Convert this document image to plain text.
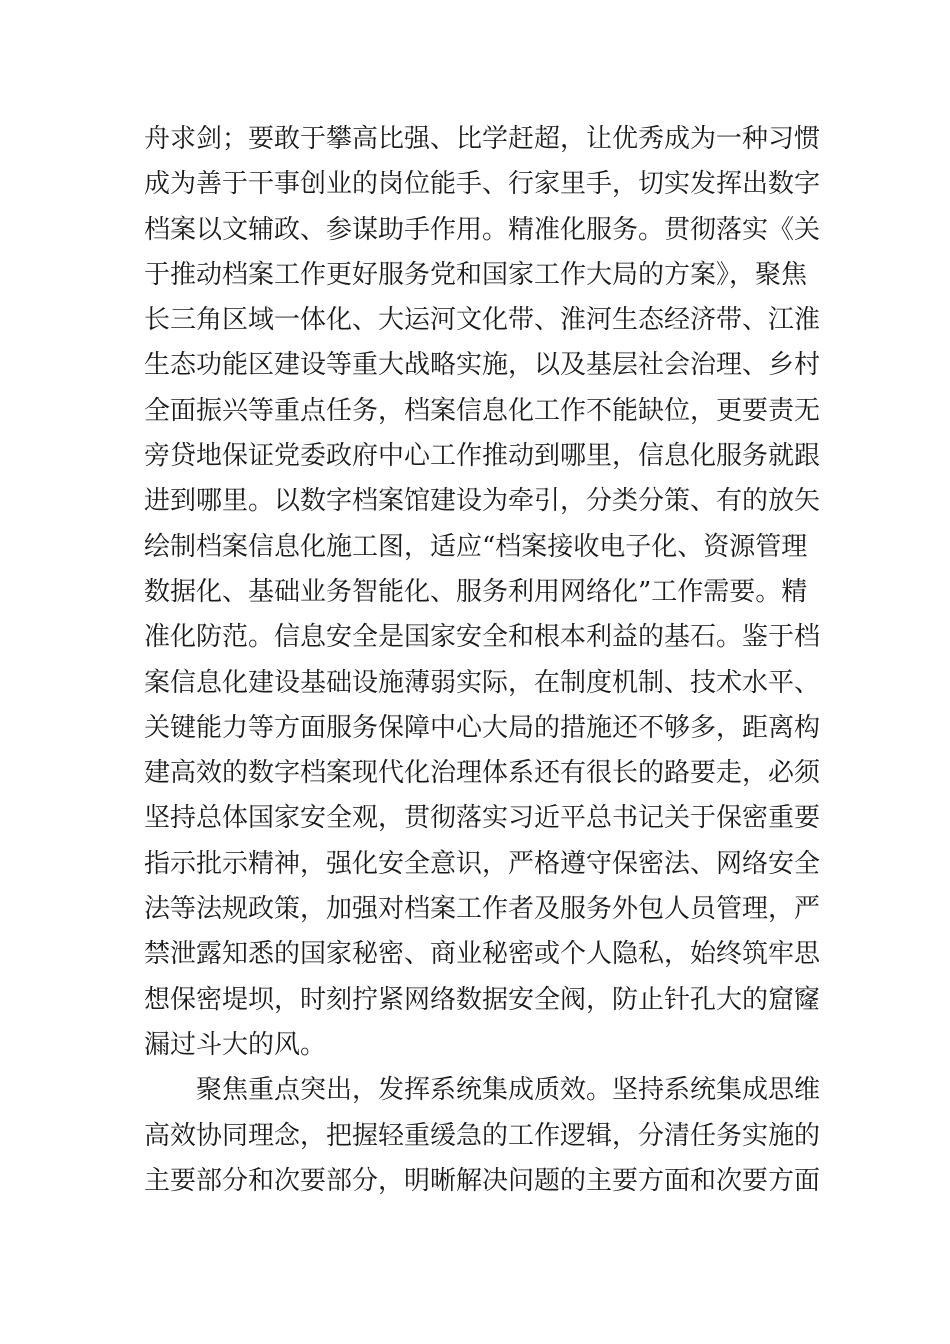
舟求剑；要敢于攀高比强、比学赶超，让优秀成为一种习惯
成为善于干事创业的岗位能手、行家里手，切实发挥出数字
档案以文辅政、参谋助手作用。精准化服务。贯彻落实《关
于推动档案工作更好服务党和国家工作大局的方案》，聚焦
长三角区域一体化、大运河文化带、淮河生态经济带、江淮
生态功能区建设等重大战略实施，以及基层社会治理、乡村
全面振兴等重点任务，档案信息化工作不能缺位，更要责无
旁贷地保证党委政府中心工作推动到哪里，信息化服务就跟
进到哪里。以数字档案馆建设为牵引，分类分策、有的放矢
绘制档案信息化施工图，适应“档案接收电子化、资源管理
数据化、基础业务智能化、服务利用网络化”工作需要。精
准化防范。信息安全是国家安全和根本利益的基石。鉴于档
案信息化建设基础设施薄弱实际，在制度机制、技术水平、
关键能力等方面服务保障中心大局的措施还不够多，距离构
建高效的数字档案现代化治理体系还有很长的路要走，必须
坚持总体国家安全观，贯彻落实习近平总书记关于保密重要
指示批示精神，强化安全意识，严格遵守保密法、网络安全
法等法规政策，加强对档案工作者及服务外包人员管理，严
禁泄露知悉的国家秘密、商业秘密或个人隐私，始终筑牢思
想保密堤坝，时刻拧紧网络数据安全阀，防止针孔大的窟窿
漏过斗大的风。
聚焦重点突出，发挥系统集成质效。坚持系统集成思维
高效协同理念，把握轻重缓急的工作逻辑，分清任务实施的
主要部分和次要部分，明晰解决问题的主要方面和次要方面
